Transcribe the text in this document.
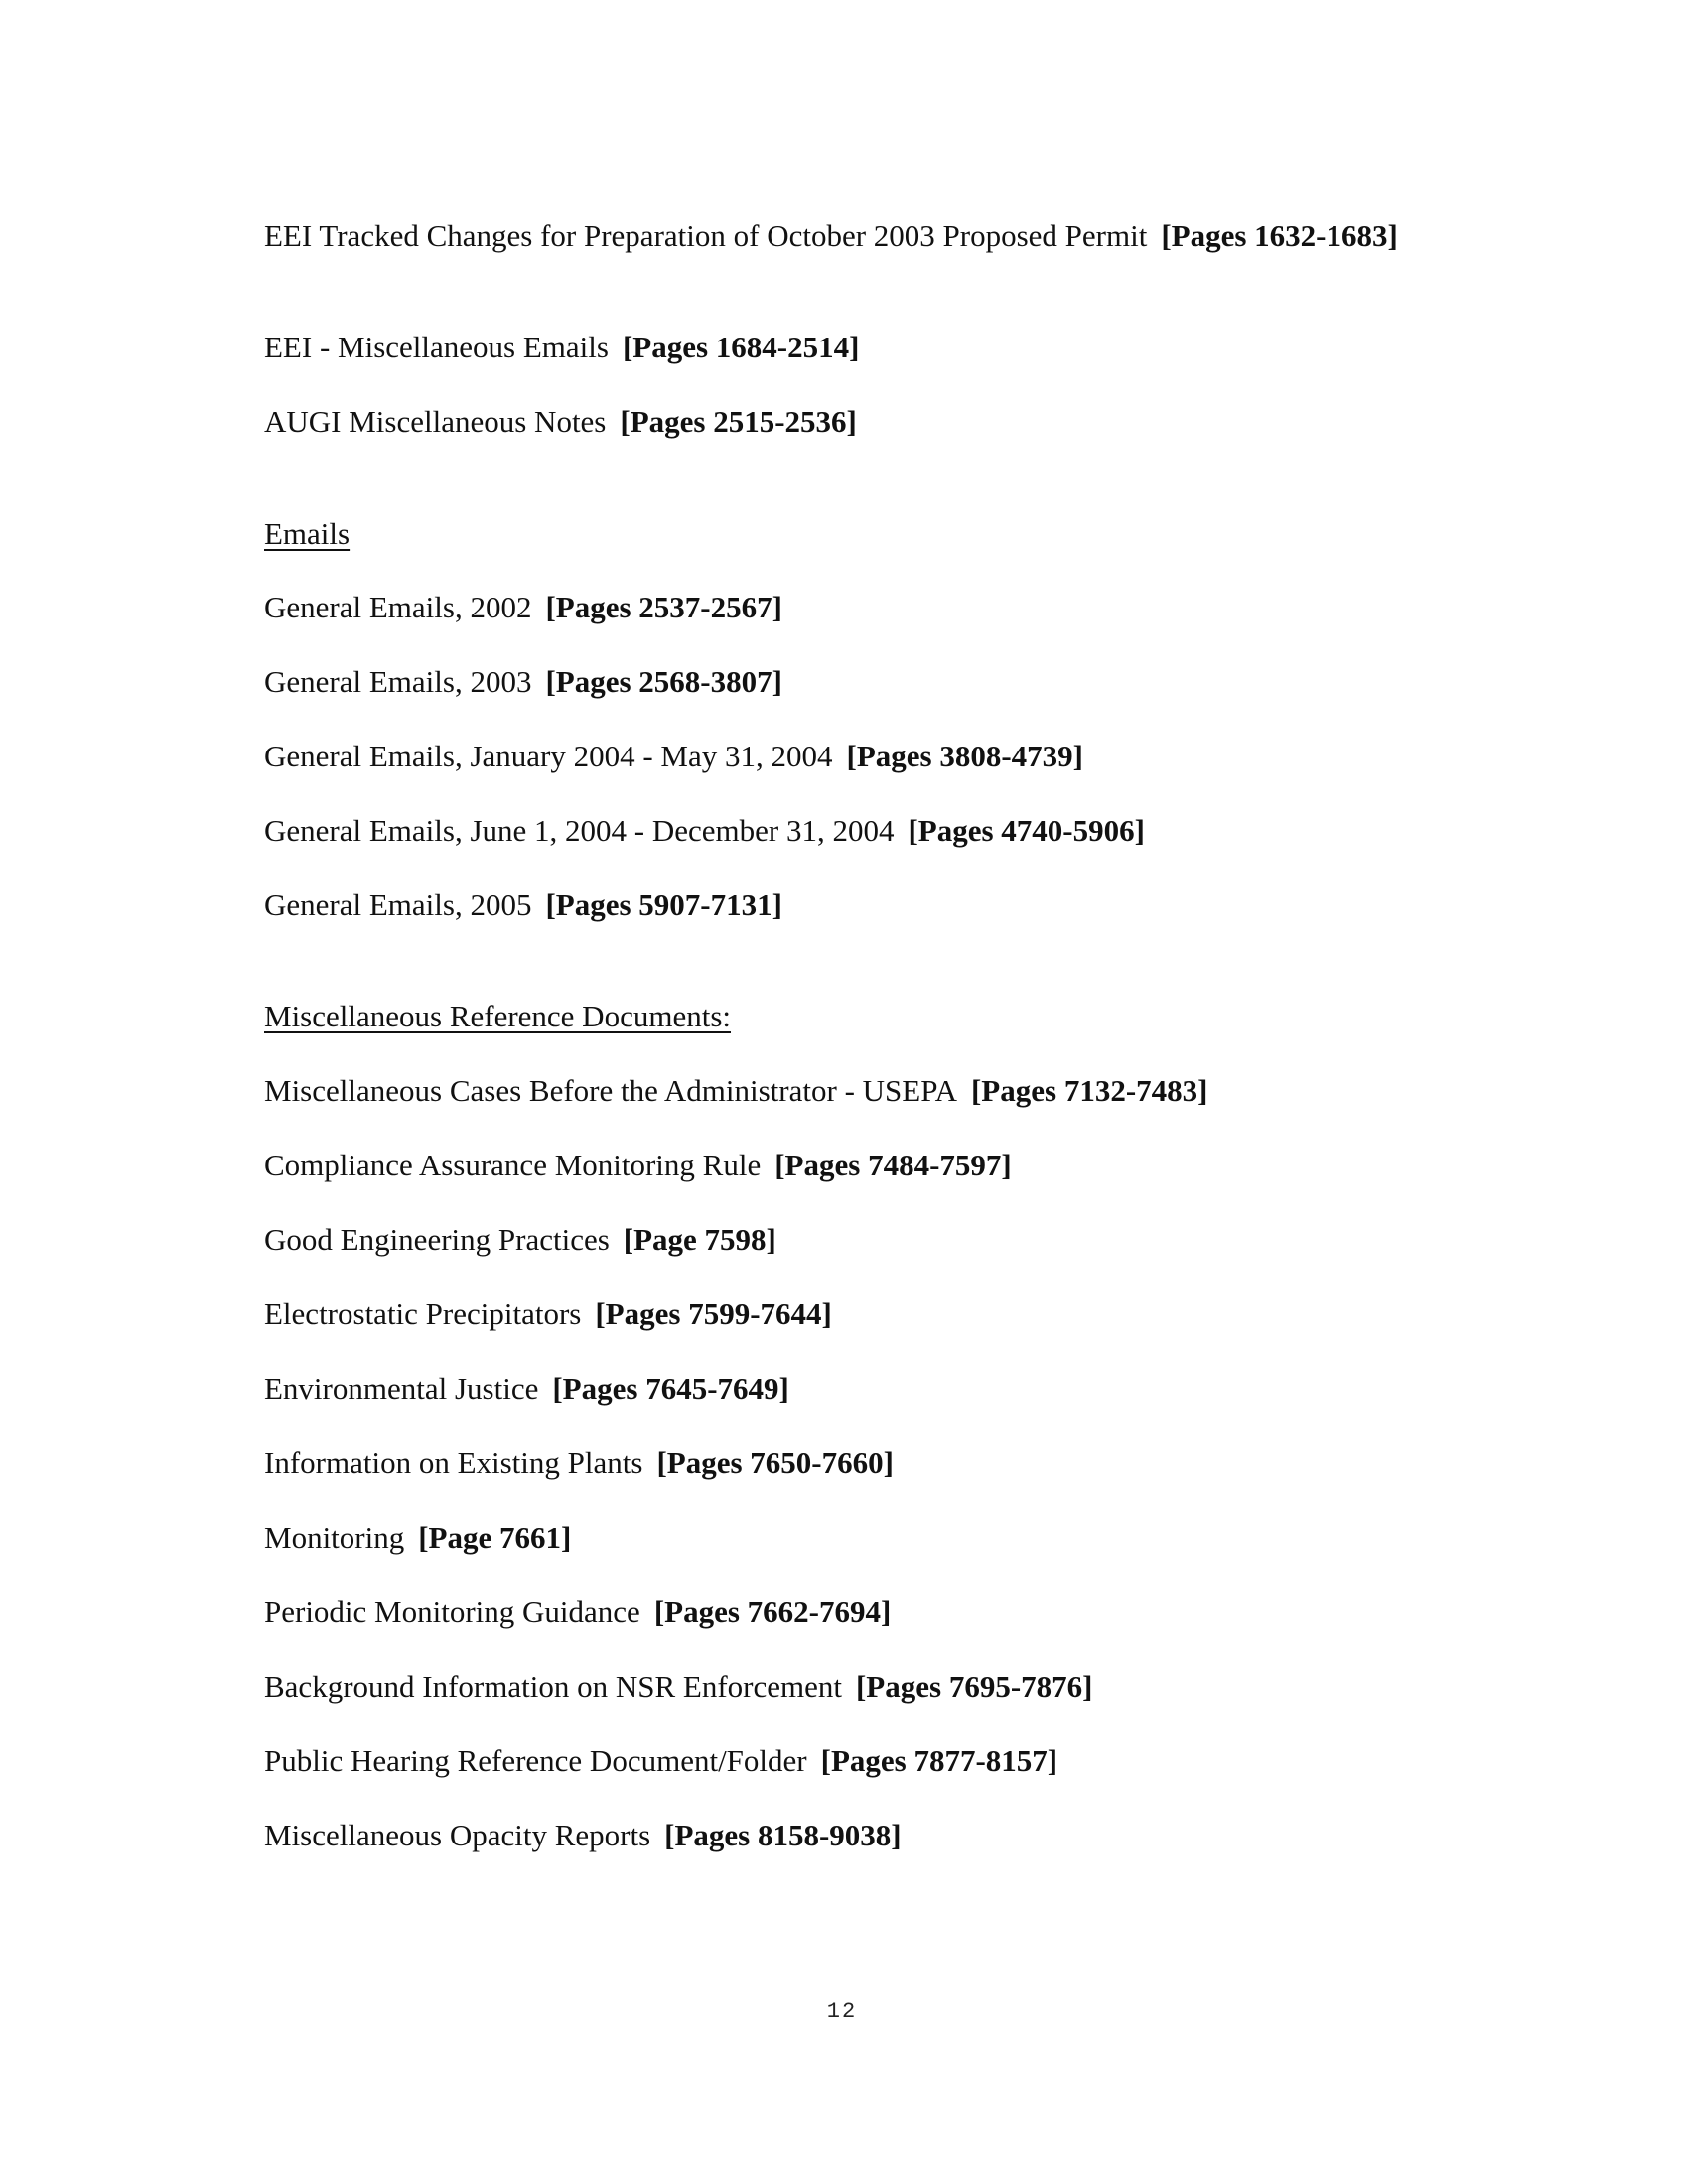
EEI Tracked Changes for Preparation of October 2003 Proposed Permit [Pages 1632-1683]
EEI - Miscellaneous Emails [Pages 1684-2514]
AUGI Miscellaneous Notes [Pages 2515-2536]
Emails
General Emails, 2002 [Pages 2537-2567]
General Emails, 2003 [Pages 2568-3807]
General Emails, January 2004 - May 31, 2004 [Pages 3808-4739]
General Emails, June 1, 2004 - December 31, 2004 [Pages 4740-5906]
General Emails, 2005 [Pages 5907-7131]
Miscellaneous Reference Documents:
Miscellaneous Cases Before the Administrator - USEPA [Pages 7132-7483]
Compliance Assurance Monitoring Rule [Pages 7484-7597]
Good Engineering Practices [Page 7598]
Electrostatic Precipitators [Pages 7599-7644]
Environmental Justice [Pages 7645-7649]
Information on Existing Plants [Pages 7650-7660]
Monitoring [Page 7661]
Periodic Monitoring Guidance [Pages 7662-7694]
Background Information on NSR Enforcement [Pages 7695-7876]
Public Hearing Reference Document/Folder [Pages 7877-8157]
Miscellaneous Opacity Reports [Pages 8158-9038]
12
